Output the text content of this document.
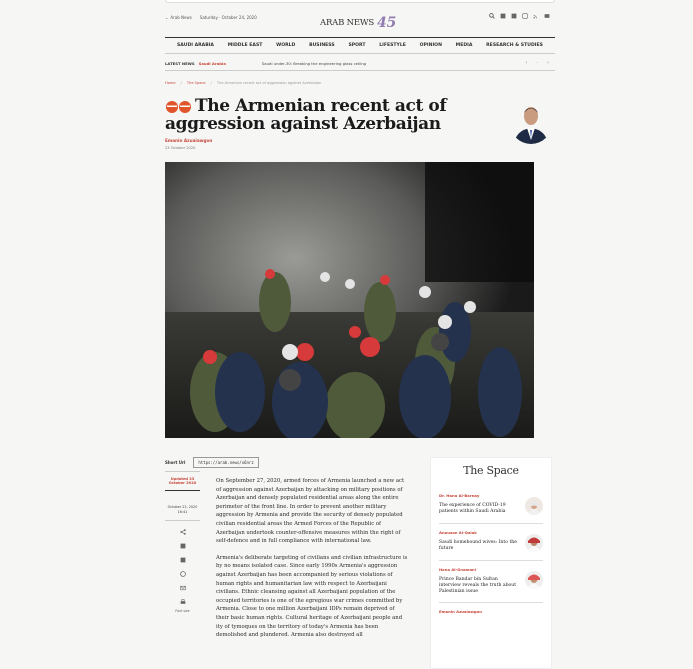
⌄ Arab News Saturday · October 24, 2020
ARAB NEWS 45
SAUDI ARABIA	MIDDLE EAST	WORLD	BUSINESS	SPORT	LIFESTYLE	OPINION	MEDIA	RESEARCH & STUDIES
LATEST NEWS Saudi Arabia	Saudi under-30: Breaking the engineering glass ceiling	‹ · ›
Home / The Space / The Armenian recent act of aggression against Azerbaijan
The Armenian recent act of aggression against Azerbaijan
Emanin Azuaiawgon
23 October 2020
Short Url	https://arab.news/x6nrz
Updated 23 October 2020
October 23, 2020 16:41
Font size

On September 27, 2020, armed forces of Armenia launched a new act of aggression against Azerbaijan by attacking on military positions of Azerbaijan and densely populated residential areas along the entire perimeter of the front line. In order to prevent another military aggression by Armenia and provide the security of densely populated civilian residential areas the Armed Forces of the Republic of Azerbaijan undertook counter-offensive measures within the right of self-defence and in full compliance with international law.

Armenia's deliberate targeting of civilians and civilian infrastructure is by no means isolated case. Since early 1990s Armenia's aggression against Azerbaijan has been accompanied by serious violations of human rights and humanitarian law with respect to Azerbaijani civilians. Ethnic cleansing against all Azerbaijani population of the occupied territories is one of the egregious war crimes committed by Armenia. Close to one million Azerbaijani IDPs remain deprived of their basic human rights. Cultural heritage of Azerbaijani people and ity of tymoques on the territory of today's Armenia has been demolished and plundered. Armenia also destroyed all

The Space
Dr. Hana Al-Barnay
The experience of COVID-19 patients within Saudi Arabia
Anousan Al-Qalak
Saudi homebound wives: Into the future
Hana Al-Gnamani
Prince Bandar bin Sultan interview reveals the truth about Palestinian issue
Emanin Azuaiawgon
